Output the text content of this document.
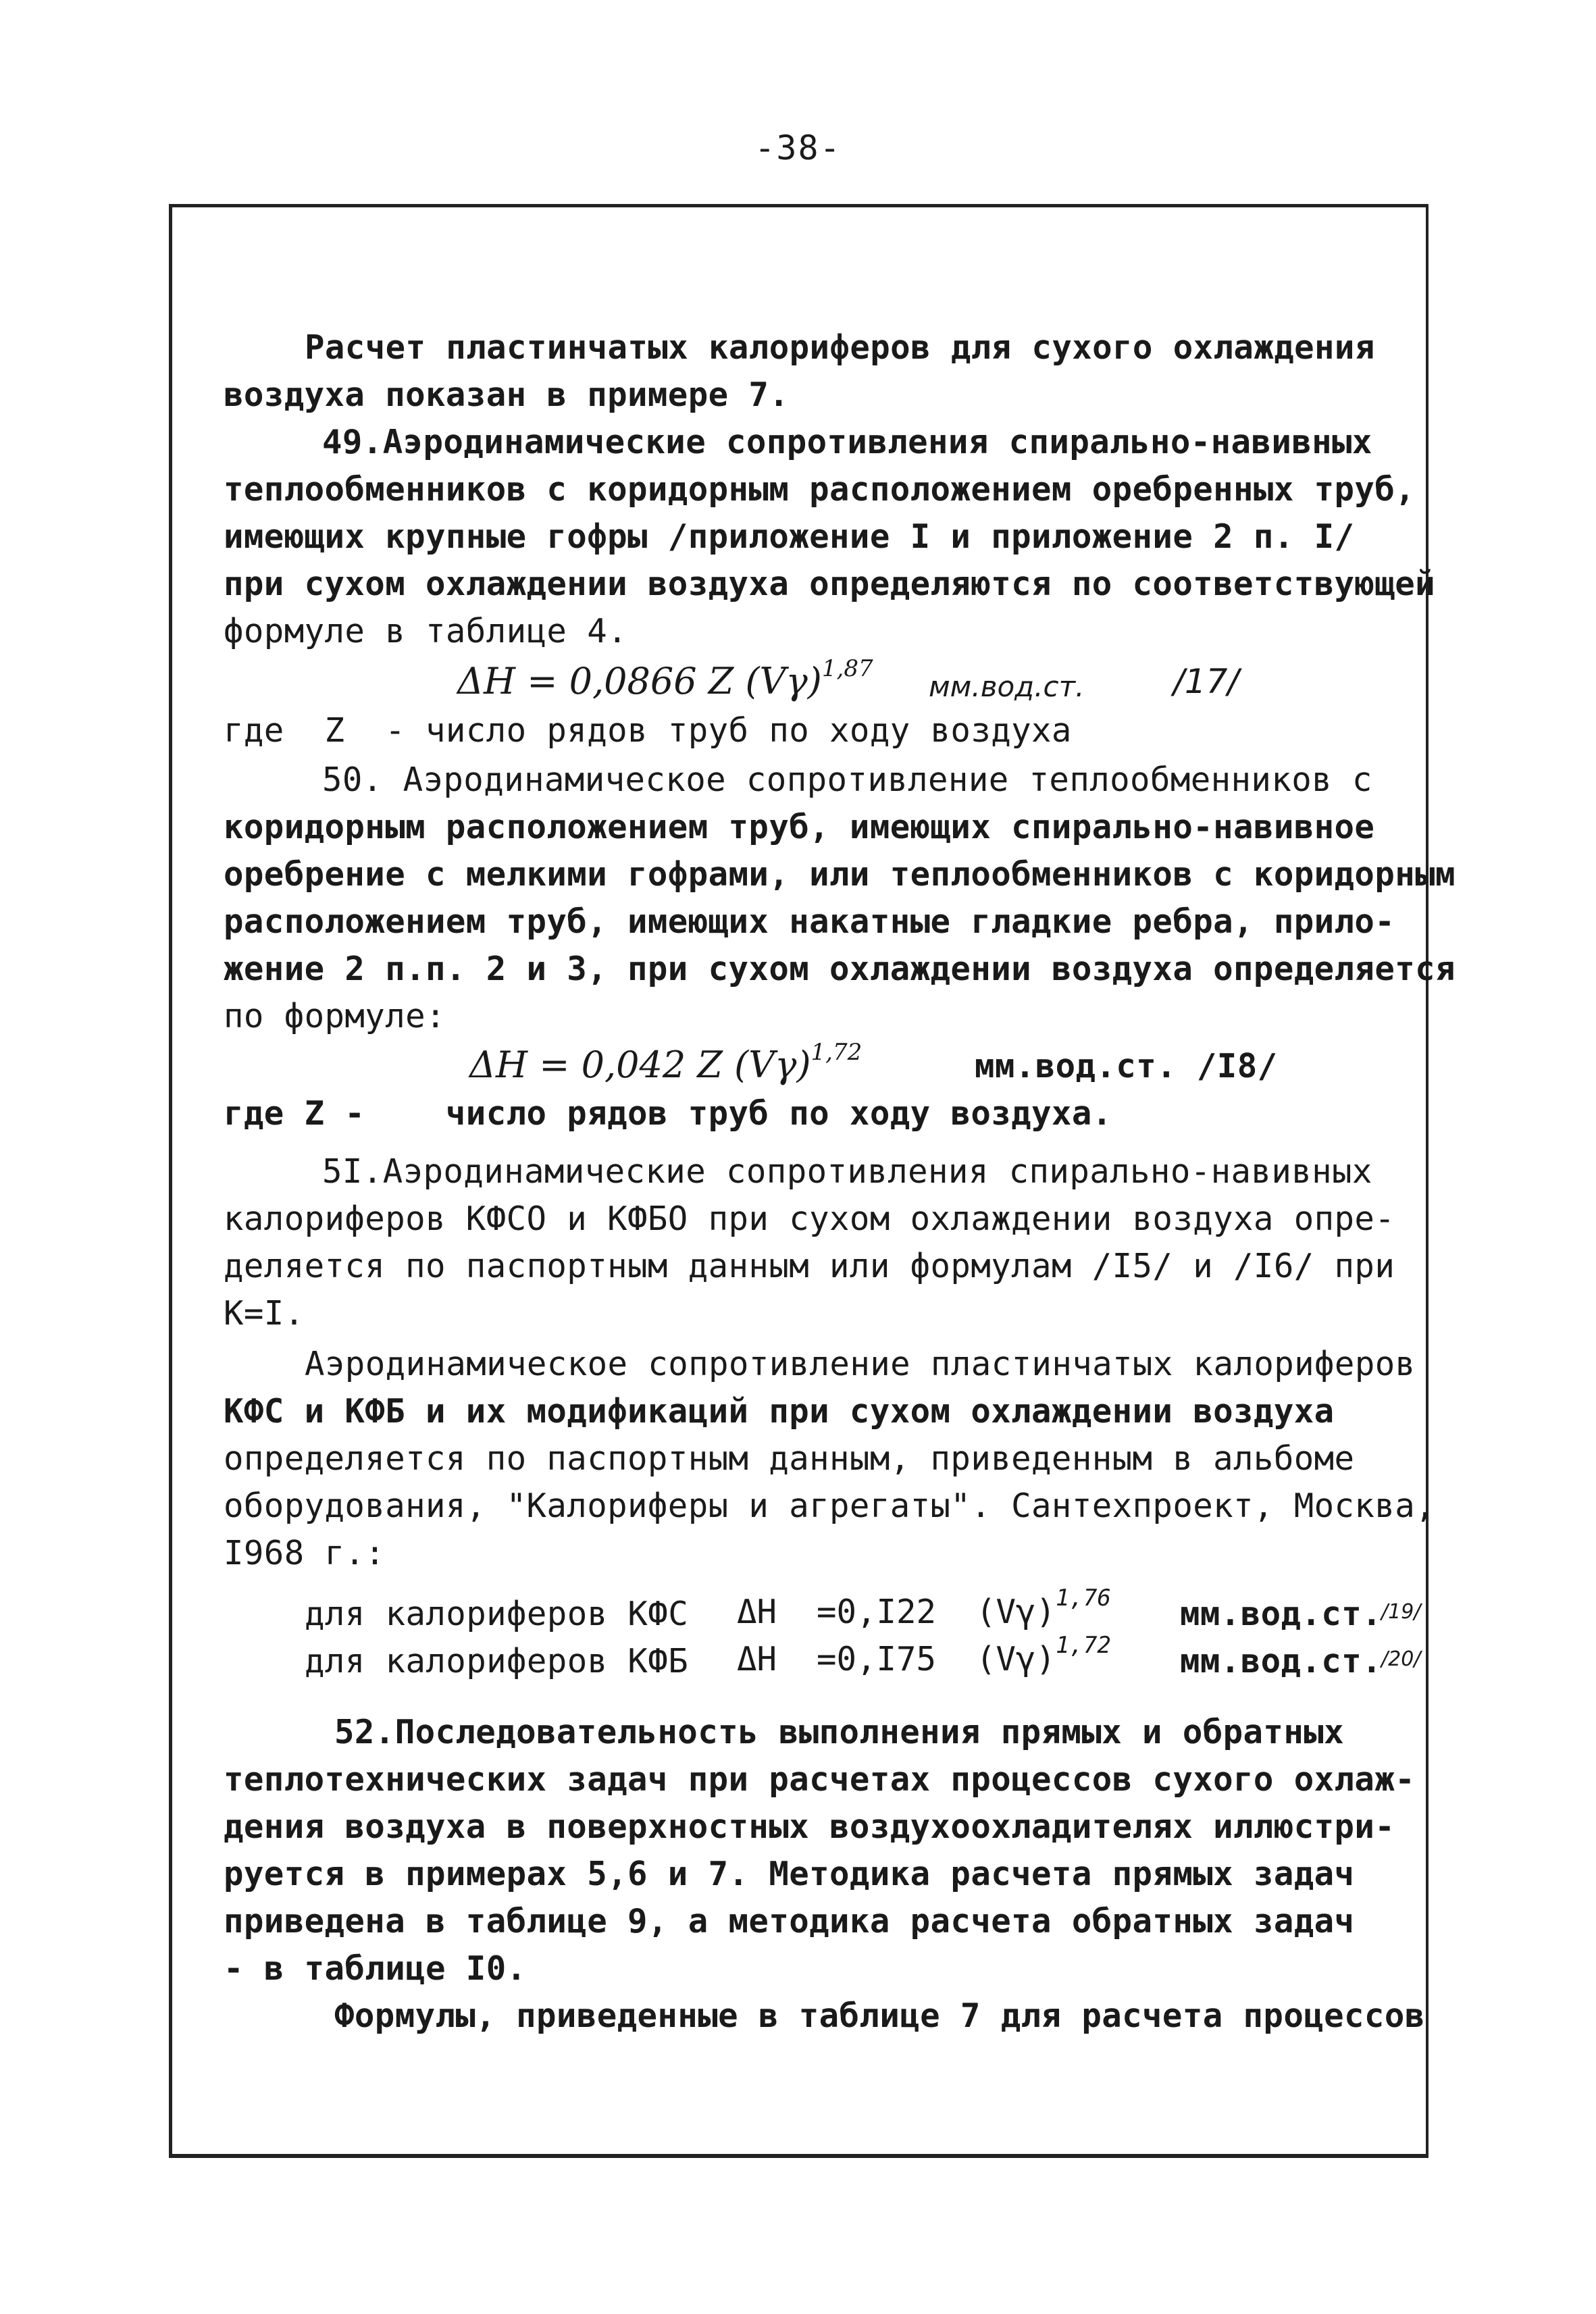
-38-
Расчет пластинчатых калориферов для сухого охлаждения
воздуха показан в примере 7.
49.Аэродинамические сопротивления спирально-навивных
теплообменников с коридорным расположением оребренных труб,
имеющих крупные гофры /приложение I и приложение 2 п. I/
при сухом охлаждении воздуха определяются по соответствующей
формуле в таблице 4.
ΔH = 0,0866 Z $(V\gamma)^{1,87}$
мм.вод.ст.	/17/
где  Z  - число рядов труб по ходу воздуха
50. Аэродинамическое сопротивление теплообменников с
коридорным расположением труб, имеющих спирально-навивное
оребрение с мелкими гофрами, или теплообменников с коридорным
расположением труб, имеющих накатные гладкие ребра, прило-
жение 2 п.п. 2 и 3, при сухом охлаждении воздуха определяется
по формуле:
ΔH = 0,042 Z $(V\gamma)^{1,72}$	мм.вод.ст. /I8/
где Z -    число рядов труб по ходу воздуха.
5I.Аэродинамические сопротивления спирально-навивных
калориферов КФСО и КФБО при сухом охлаждении воздуха опре-
деляется по паспортным данным или формулам /I5/ и /I6/ при
К=I.
Аэродинамическое сопротивление пластинчатых калориферов
КФС и КФБ и их модификаций при сухом охлаждении воздуха
определяется по паспортным данным, приведенным в альбоме
оборудования, "Калориферы и агрегаты". Сантехпроект, Москва,
I968 г.:
для калориферов КФС ΔH  =0,I22  $(V\gamma)^{1,76}$ мм.вод.ст.
/19/
для калориферов КФБ ΔH  =0,I75  $(V\gamma)^{1,72}$ мм.вод.ст.
/20/
52.Последовательность выполнения прямых и обратных
теплотехнических задач при расчетах процессов сухого охлаж-
дения воздуха в поверхностных воздухоохладителях иллюстри-
руется в примерах 5,6 и 7. Методика расчета прямых задач
приведена в таблице 9, а методика расчета обратных задач
- в таблице I0.
Формулы, приведенные в таблице 7 для расчета процессов
